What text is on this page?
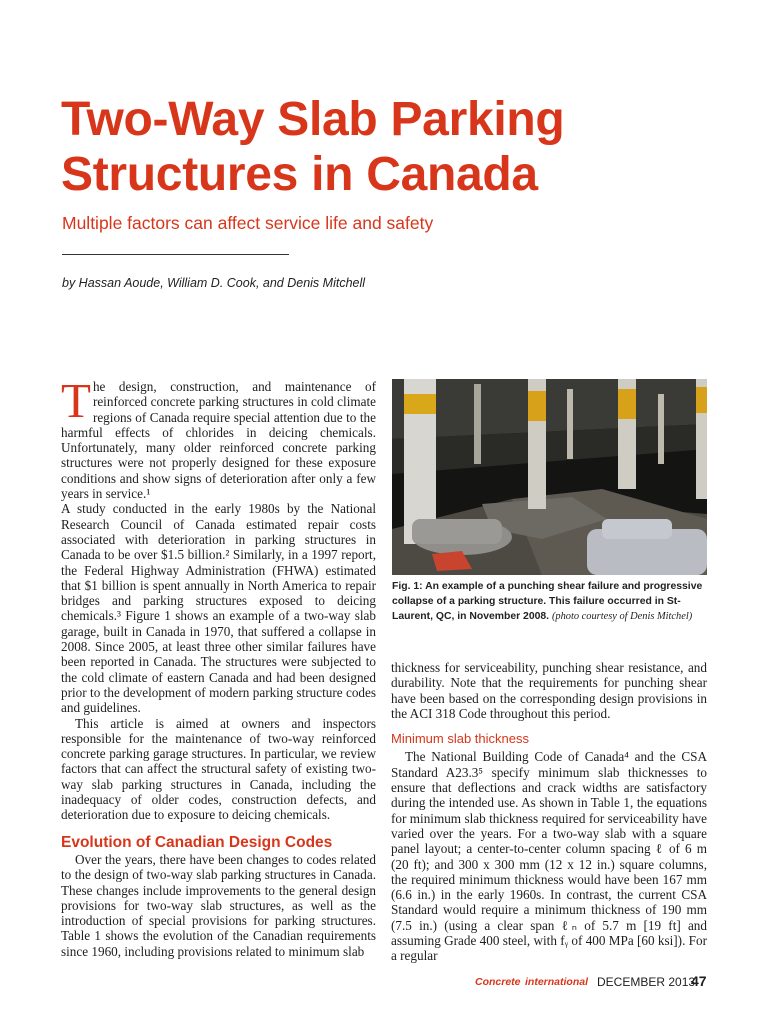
Two-Way Slab Parking Structures in Canada
Multiple factors can affect service life and safety
by Hassan Aoude, William D. Cook, and Denis Mitchell

The design, construction, and maintenance of reinforced concrete parking structures in cold climate regions of Canada require special attention due to the harmful effects of chlorides in deicing chemicals. Unfortunately, many older reinforced concrete parking structures were not properly designed for these exposure conditions and show signs of deterioration after only a few years in service.¹

A study conducted in the early 1980s by the National Research Council of Canada estimated repair costs associated with deterioration in parking structures in Canada to be over $1.5 billion.² Similarly, in a 1997 report, the Federal Highway Administration (FHWA) estimated that $1 billion is spent annually in North America to repair bridges and parking structures exposed to deicing chemicals.³ Figure 1 shows an example of a two-way slab garage, built in Canada in 1970, that suffered a collapse in 2008. Since 2005, at least three other similar failures have been reported in Canada. The structures were subjected to the cold climate of eastern Canada and had been designed prior to the development of modern parking structure codes and guidelines.

This article is aimed at owners and inspectors responsible for the maintenance of two-way reinforced concrete parking garage structures. In particular, we review factors that can affect the structural safety of existing two-way slab parking structures in Canada, including the inadequacy of older codes, construction defects, and deterioration due to exposure to deicing chemicals.

Evolution of Canadian Design Codes

Over the years, there have been changes to codes related to the design of two-way slab parking structures in Canada. These changes include improvements to the general design provisions for two-way slab structures, as well as the introduction of special provisions for parking structures. Table 1 shows the evolution of the Canadian requirements since 1960, including provisions related to minimum slab

Fig. 1: An example of a punching shear failure and progressive collapse of a parking structure. This failure occurred in St-Laurent, QC, in November 2008. (photo courtesy of Denis Mitchel)

thickness for serviceability, punching shear resistance, and durability. Note that the requirements for punching shear have been based on the corresponding design provisions in the ACI 318 Code throughout this period.

Minimum slab thickness

The National Building Code of Canada⁴ and the CSA Standard A23.3⁵ specify minimum slab thicknesses to ensure that deflections and crack widths are satisfactory during the intended use. As shown in Table 1, the equations for minimum slab thickness required for serviceability have varied over the years. For a two-way slab with a square panel layout; a center-to-center column spacing ℓ of 6 m (20 ft); and 300 x 300 mm (12 x 12 in.) square columns, the required minimum thickness would have been 167 mm (6.6 in.) in the early 1960s. In contrast, the current CSA Standard would require a minimum thickness of 190 mm (7.5 in.) (using a clear span ℓₙ of 5.7 m [19 ft] and assuming Grade 400 steel, with fᵧ of 400 MPa [60 ksi]). For a regular

Concrete international DECEMBER 2013
47
